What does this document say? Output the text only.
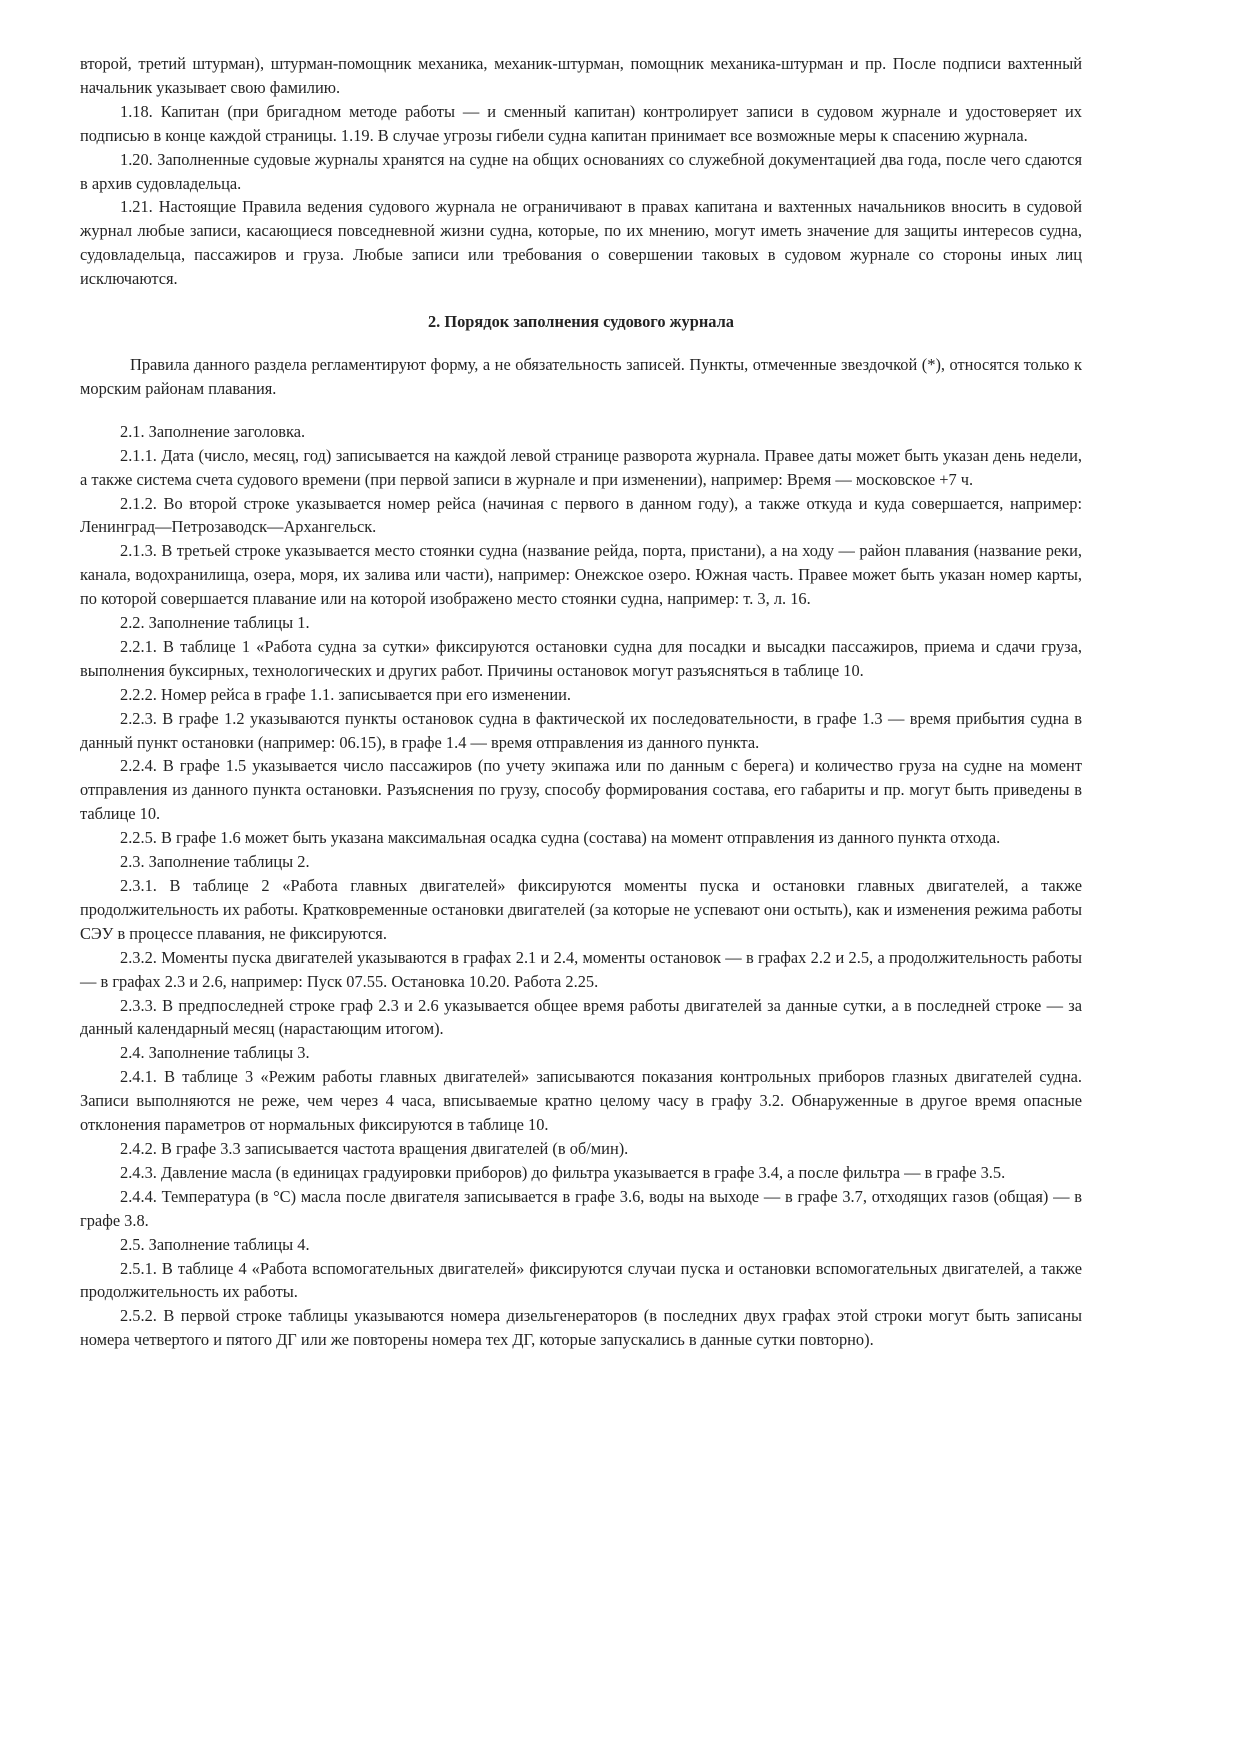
второй, третий штурман), штурман-помощник механика, механик-штурман, помощник механика-штурман и пр. После подписи вахтенный начальник указывает свою фамилию.

1.18. Капитан (при бригадном методе работы — и сменный капитан) контролирует записи в судовом журнале и удостоверяет их подписью в конце каждой страницы. 1.19. В случае угрозы гибели судна капитан принимает все возможные меры к спасению журнала.

1.20. Заполненные судовые журналы хранятся на судне на общих основаниях со служебной документацией два года, после чего сдаются в архив судовладельца.

1.21. Настоящие Правила ведения судового журнала не ограничивают в правах капитана и вахтенных начальников вносить в судовой журнал любые записи, касающиеся повседневной жизни судна, которые, по их мнению, могут иметь значение для защиты интересов судна, судовладельца, пассажиров и груза. Любые записи или требования о совершении таковых в судовом журнале со стороны иных лиц исключаются.

2. Порядок заполнения судового журнала

Правила данного раздела регламентируют форму, а не обязательность записей. Пункты, отмеченные звездочкой (*), относятся только к морским районам плавания.

2.1. Заполнение заголовка.

2.1.1. Дата (число, месяц, год) записывается на каждой левой странице разворота журнала. Правее даты может быть указан день недели, а также система счета судового времени (при первой записи в журнале и при изменении), например: Время — московское +7 ч.

2.1.2. Во второй строке указывается номер рейса (начиная с первого в данном году), а также откуда и куда совершается, например: Ленинград—Петрозаводск—Архангельск.

2.1.3. В третьей строке указывается место стоянки судна (название рейда, порта, пристани), а на ходу — район плавания (название реки, канала, водохранилища, озера, моря, их залива или части), например: Онежское озеро. Южная часть. Правее может быть указан номер карты, по которой совершается плавание или на которой изображено место стоянки судна, например: т. 3, л. 16.

2.2. Заполнение таблицы 1.

2.2.1. В таблице 1 «Работа судна за сутки» фиксируются остановки судна для посадки и высадки пассажиров, приема и сдачи груза, выполнения буксирных, технологических и других работ. Причины остановок могут разъясняться в таблице 10.

2.2.2. Номер рейса в графе 1.1. записывается при его изменении.

2.2.3. В графе 1.2 указываются пункты остановок судна в фактической их последовательности, в графе 1.3 — время прибытия судна в данный пункт остановки (например: 06.15), в графе 1.4 — время отправления из данного пункта.

2.2.4. В графе 1.5 указывается число пассажиров (по учету экипажа или по данным с берега) и количество груза на судне на момент отправления из данного пункта остановки. Разъяснения по грузу, способу формирования состава, его габариты и пр. могут быть приведены в таблице 10.

2.2.5. В графе 1.6 может быть указана максимальная осадка судна (состава) на момент отправления из данного пункта отхода.

2.3. Заполнение таблицы 2.

2.3.1. В таблице 2 «Работа главных двигателей» фиксируются моменты пуска и остановки главных двигателей, а также продолжительность их работы. Кратковременные остановки двигателей (за которые не успевают они остыть), как и изменения режима работы СЭУ в процессе плавания, не фиксируются.

2.3.2. Моменты пуска двигателей указываются в графах 2.1 и 2.4, моменты остановок — в графах 2.2 и 2.5, а продолжительность работы — в графах 2.3 и 2.6, например: Пуск 07.55. Остановка 10.20. Работа 2.25.

2.3.3. В предпоследней строке граф 2.3 и 2.6 указывается общее время работы двигателей за данные сутки, а в последней строке — за данный календарный месяц (нарастающим итогом).

2.4. Заполнение таблицы 3.

2.4.1. В таблице 3 «Режим работы главных двигателей» записываются показания контрольных приборов глазных двигателей судна. Записи выполняются не реже, чем через 4 часа, вписываемые кратно целому часу в графу 3.2. Обнаруженные в другое время опасные отклонения параметров от нормальных фиксируются в таблице 10.

2.4.2. В графе 3.3 записывается частота вращения двигателей (в об/мин).

2.4.3. Давление масла (в единицах градуировки приборов) до фильтра указывается в графе 3.4, а после фильтра — в графе 3.5.

2.4.4. Температура (в °С) масла после двигателя записывается в графе 3.6, воды на выходе — в графе 3.7, отходящих газов (общая) — в графе 3.8.

2.5. Заполнение таблицы 4.

2.5.1. В таблице 4 «Работа вспомогательных двигателей» фиксируются случаи пуска и остановки вспомогательных двигателей, а также продолжительность их работы.

2.5.2. В первой строке таблицы указываются номера дизельгенераторов (в последних двух графах этой строки могут быть записаны номера четвертого и пятого ДГ или же повторены номера тех ДГ, которые запускались в данные сутки повторно).
